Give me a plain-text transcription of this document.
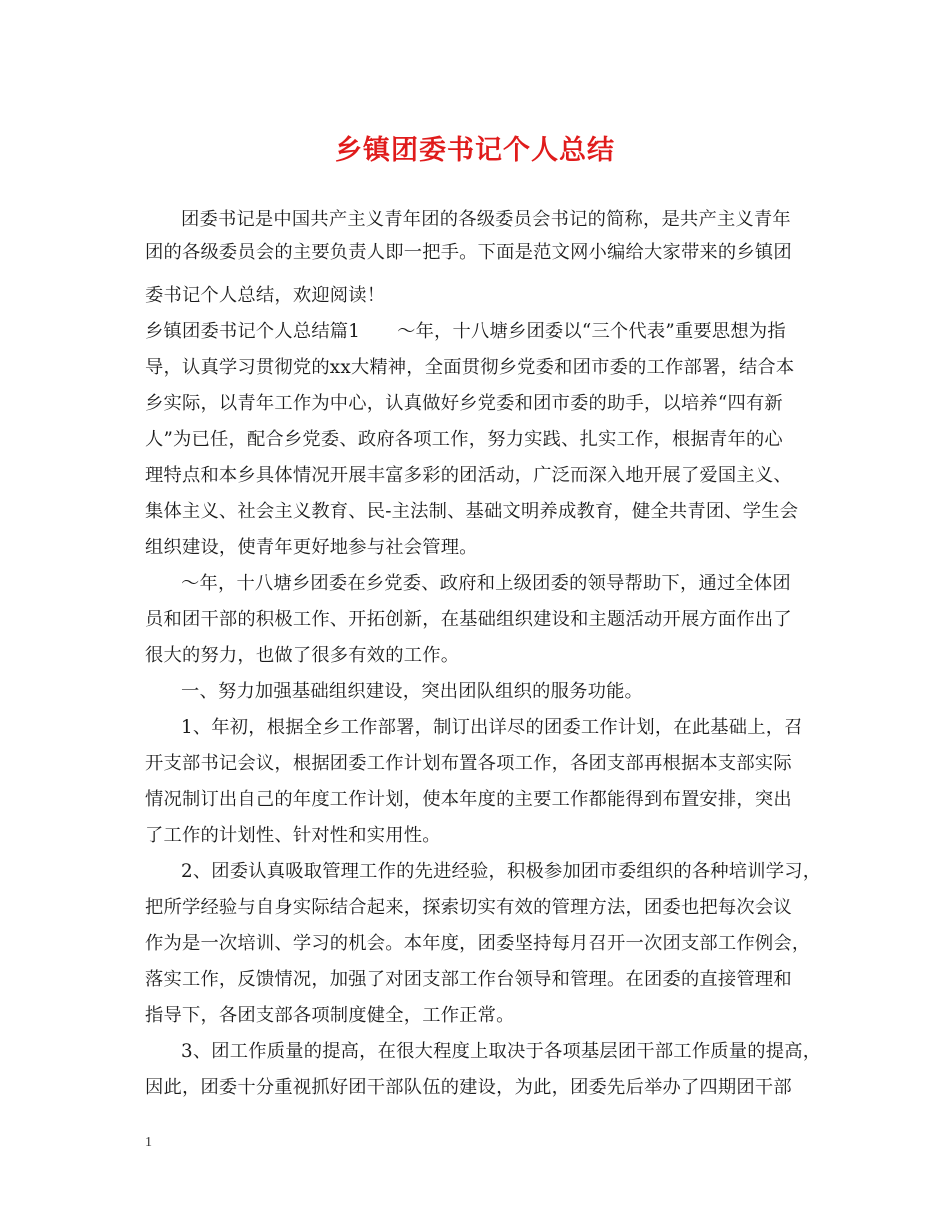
乡镇团委书记个人总结
团委书记是中国共产主义青年团的各级委员会书记的简称，是共产主义青年
团的各级委员会的主要负责人即一把手。下面是范文网小编给大家带来的乡镇团
委书记个人总结，欢迎阅读！
乡镇团委书记个人总结篇1　　～年，十八塘乡团委以“三个代表”重要思想为指
导，认真学习贯彻党的xx大精神，全面贯彻乡党委和团市委的工作部署，结合本
乡实际，以青年工作为中心，认真做好乡党委和团市委的助手，以培养“四有新
人”为已任，配合乡党委、政府各项工作，努力实践、扎实工作，根据青年的心
理特点和本乡具体情况开展丰富多彩的团活动，广泛而深入地开展了爱国主义、
集体主义、社会主义教育、民-主法制、基础文明养成教育，健全共青团、学生会
组织建设，使青年更好地参与社会管理。
～年，十八塘乡团委在乡党委、政府和上级团委的领导帮助下，通过全体团
员和团干部的积极工作、开拓创新，在基础组织建设和主题活动开展方面作出了
很大的努力，也做了很多有效的工作。
一、努力加强基础组织建设，突出团队组织的服务功能。
1、年初，根据全乡工作部署，制订出详尽的团委工作计划，在此基础上，召
开支部书记会议，根据团委工作计划布置各项工作，各团支部再根据本支部实际
情况制订出自己的年度工作计划，使本年度的主要工作都能得到布置安排，突出
了工作的计划性、针对性和实用性。
2、团委认真吸取管理工作的先进经验，积极参加团市委组织的各种培训学习，
把所学经验与自身实际结合起来，探索切实有效的管理方法，团委也把每次会议
作为是一次培训、学习的机会。本年度，团委坚持每月召开一次团支部工作例会，
落实工作，反馈情况，加强了对团支部工作台领导和管理。在团委的直接管理和
指导下，各团支部各项制度健全，工作正常。
3、团工作质量的提高，在很大程度上取决于各项基层团干部工作质量的提高，
因此，团委十分重视抓好团干部队伍的建设，为此，团委先后举办了四期团干部
1
